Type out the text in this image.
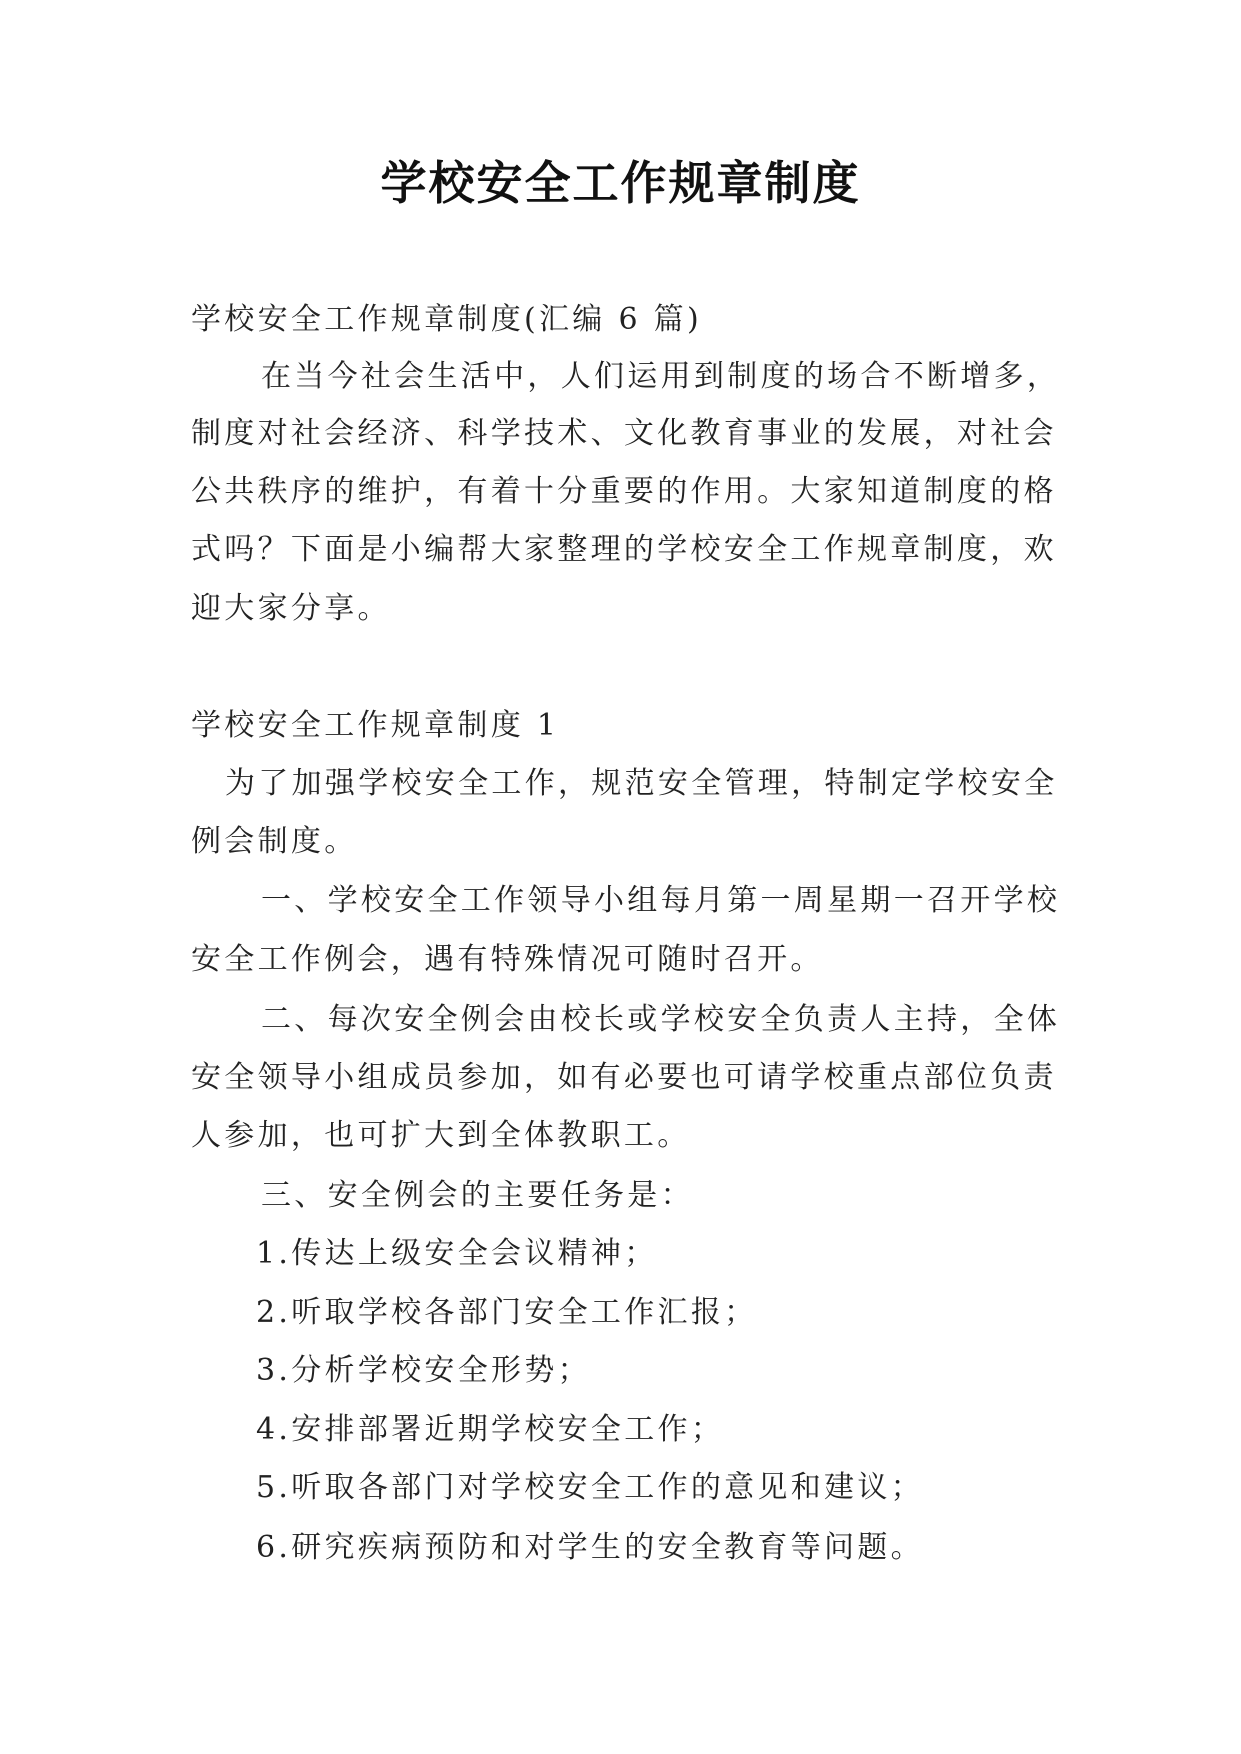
学校安全工作规章制度
学校安全工作规章制度(汇编 6 篇)
在当今社会生活中，人们运用到制度的场合不断增多，
制度对社会经济、科学技术、文化教育事业的发展，对社会
公共秩序的维护，有着十分重要的作用。大家知道制度的格
式吗？下面是小编帮大家整理的学校安全工作规章制度，欢
迎大家分享。
学校安全工作规章制度 1
为了加强学校安全工作，规范安全管理，特制定学校安全
例会制度。
一、学校安全工作领导小组每月第一周星期一召开学校
安全工作例会，遇有特殊情况可随时召开。
二、每次安全例会由校长或学校安全负责人主持，全体
安全领导小组成员参加，如有必要也可请学校重点部位负责
人参加，也可扩大到全体教职工。
三、安全例会的主要任务是：
1.传达上级安全会议精神；
2.听取学校各部门安全工作汇报；
3.分析学校安全形势；
4.安排部署近期学校安全工作；
5.听取各部门对学校安全工作的意见和建议；
6.研究疾病预防和对学生的安全教育等问题。
